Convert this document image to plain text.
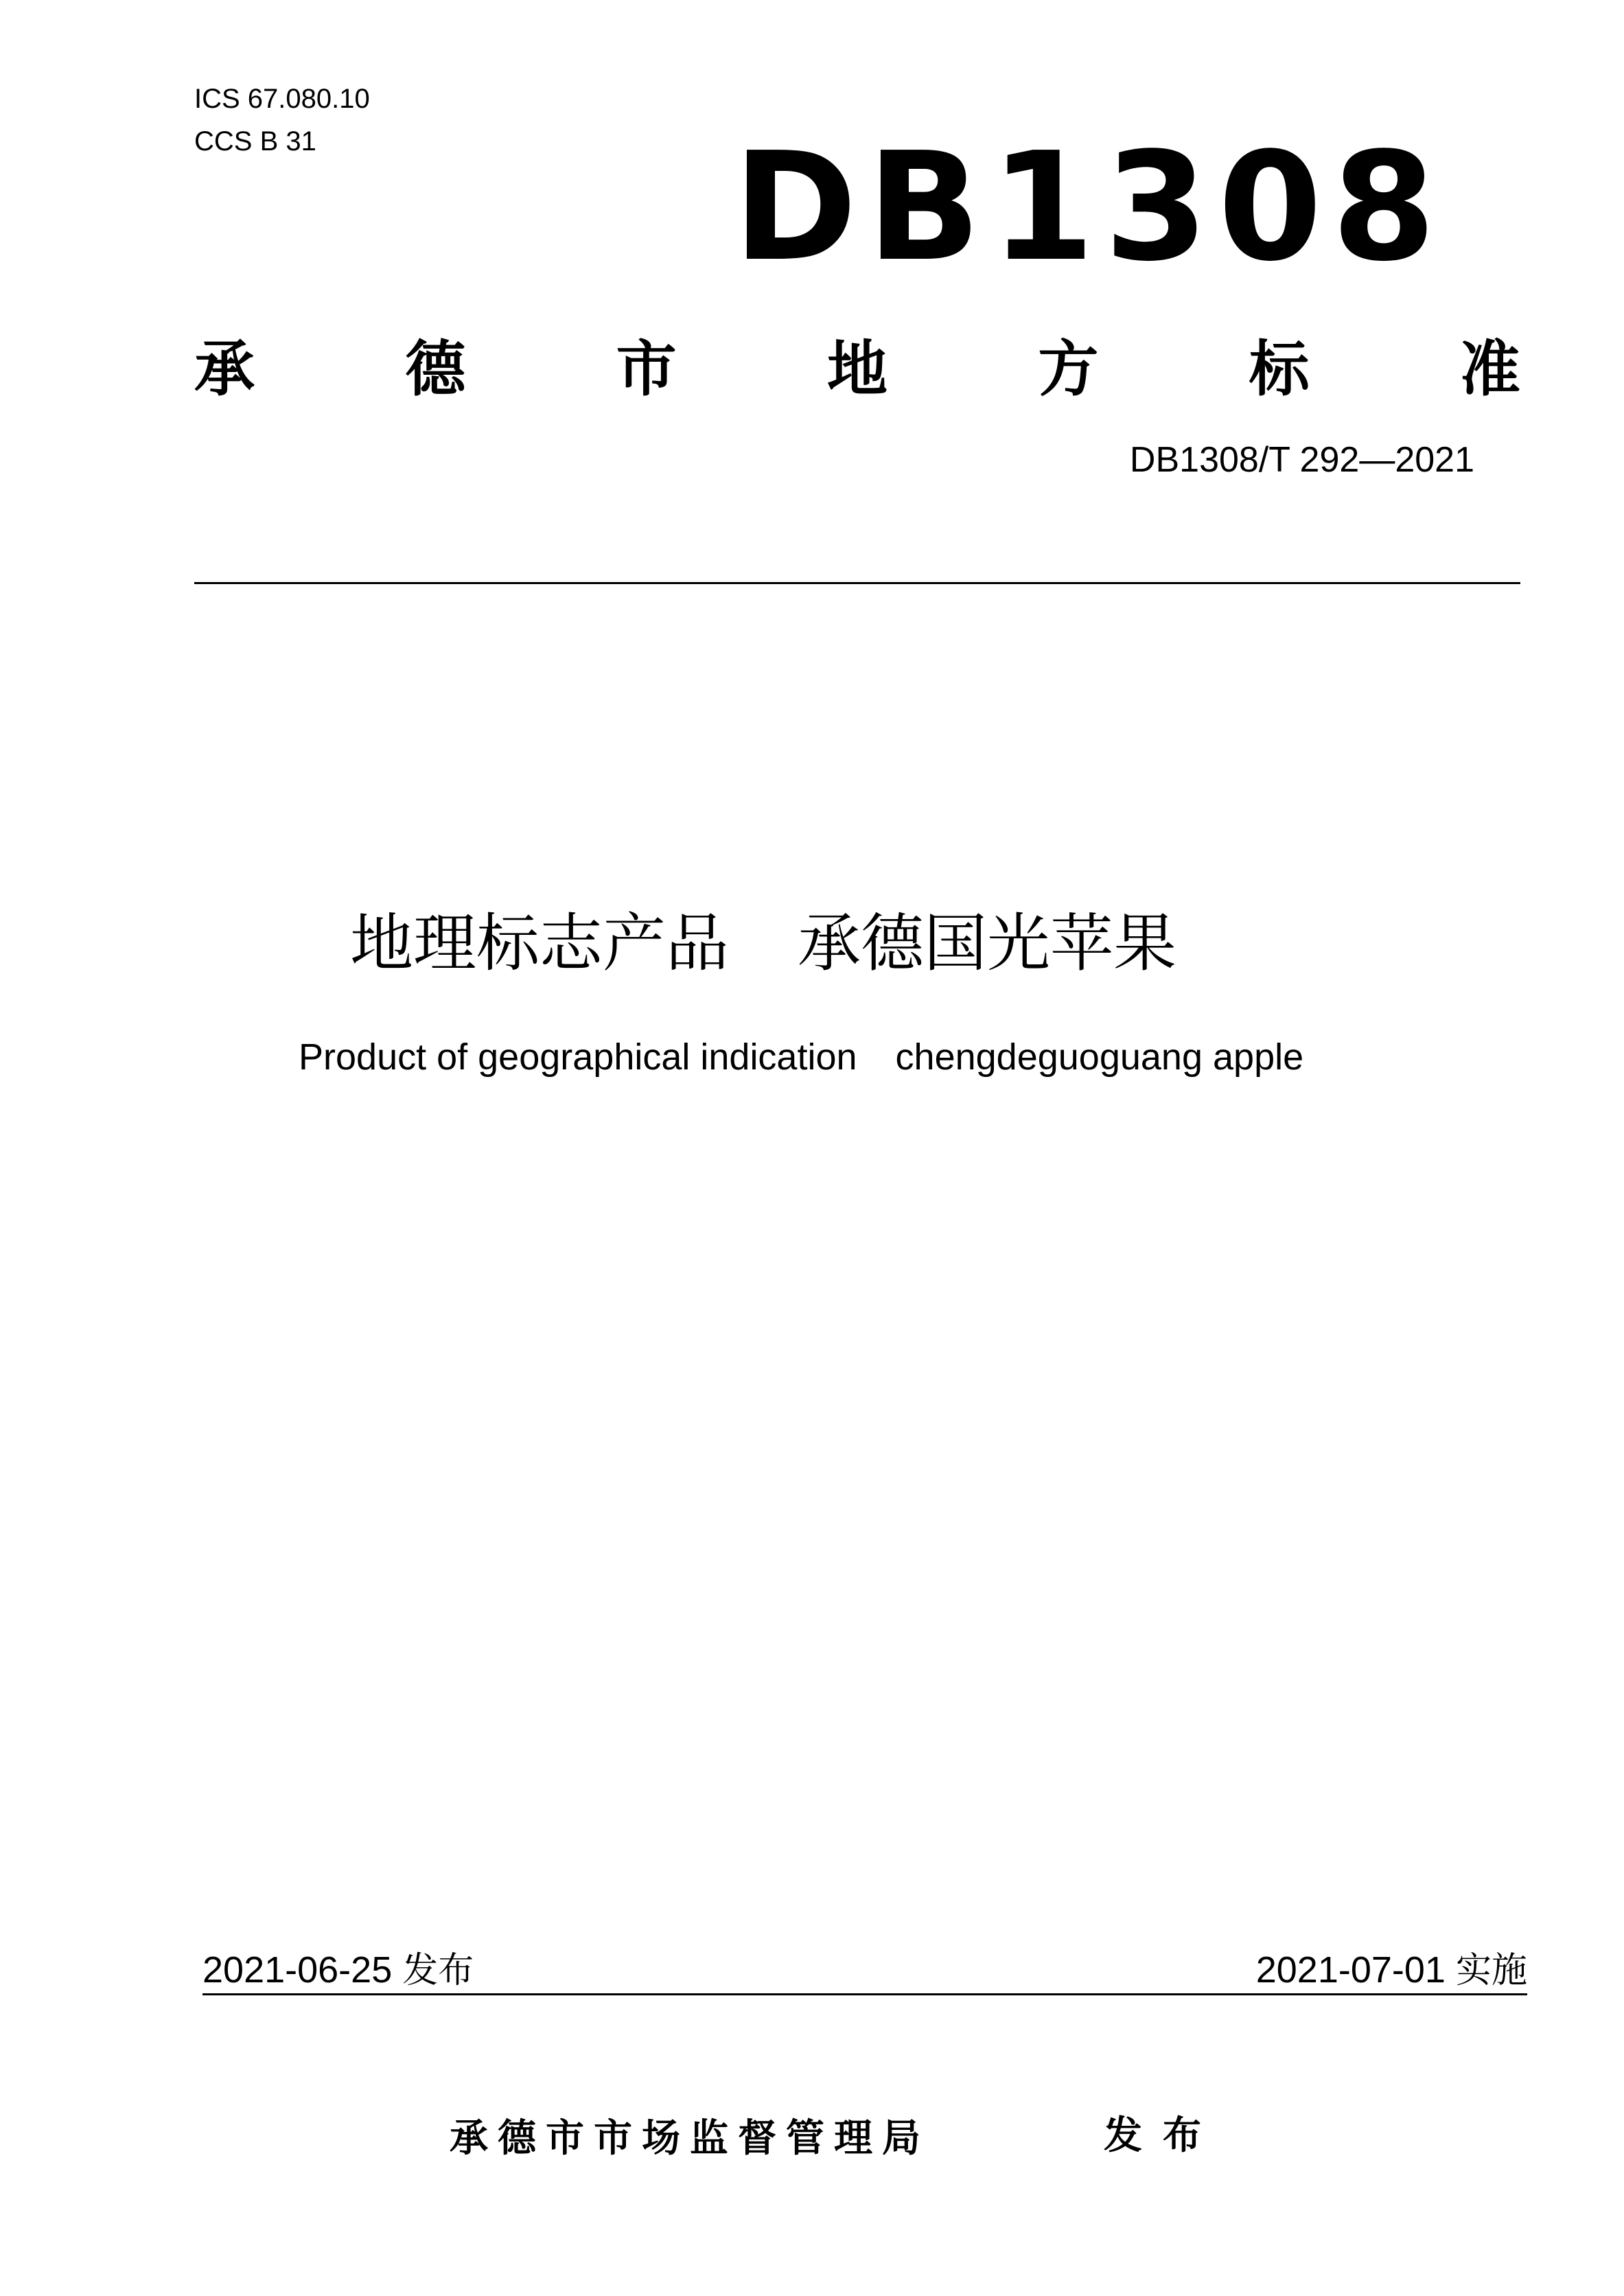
ICS 67.080.10
CCS B 31	DB1308
承 德 市 地 方 标 准
DB1308/T 292—2021
地理标志产品 承德国光苹果
Product of geographical indication chengdeguoguang apple
2021-06-25 发布	2021-07-01 实施
承德市市场监督管理局	发布
